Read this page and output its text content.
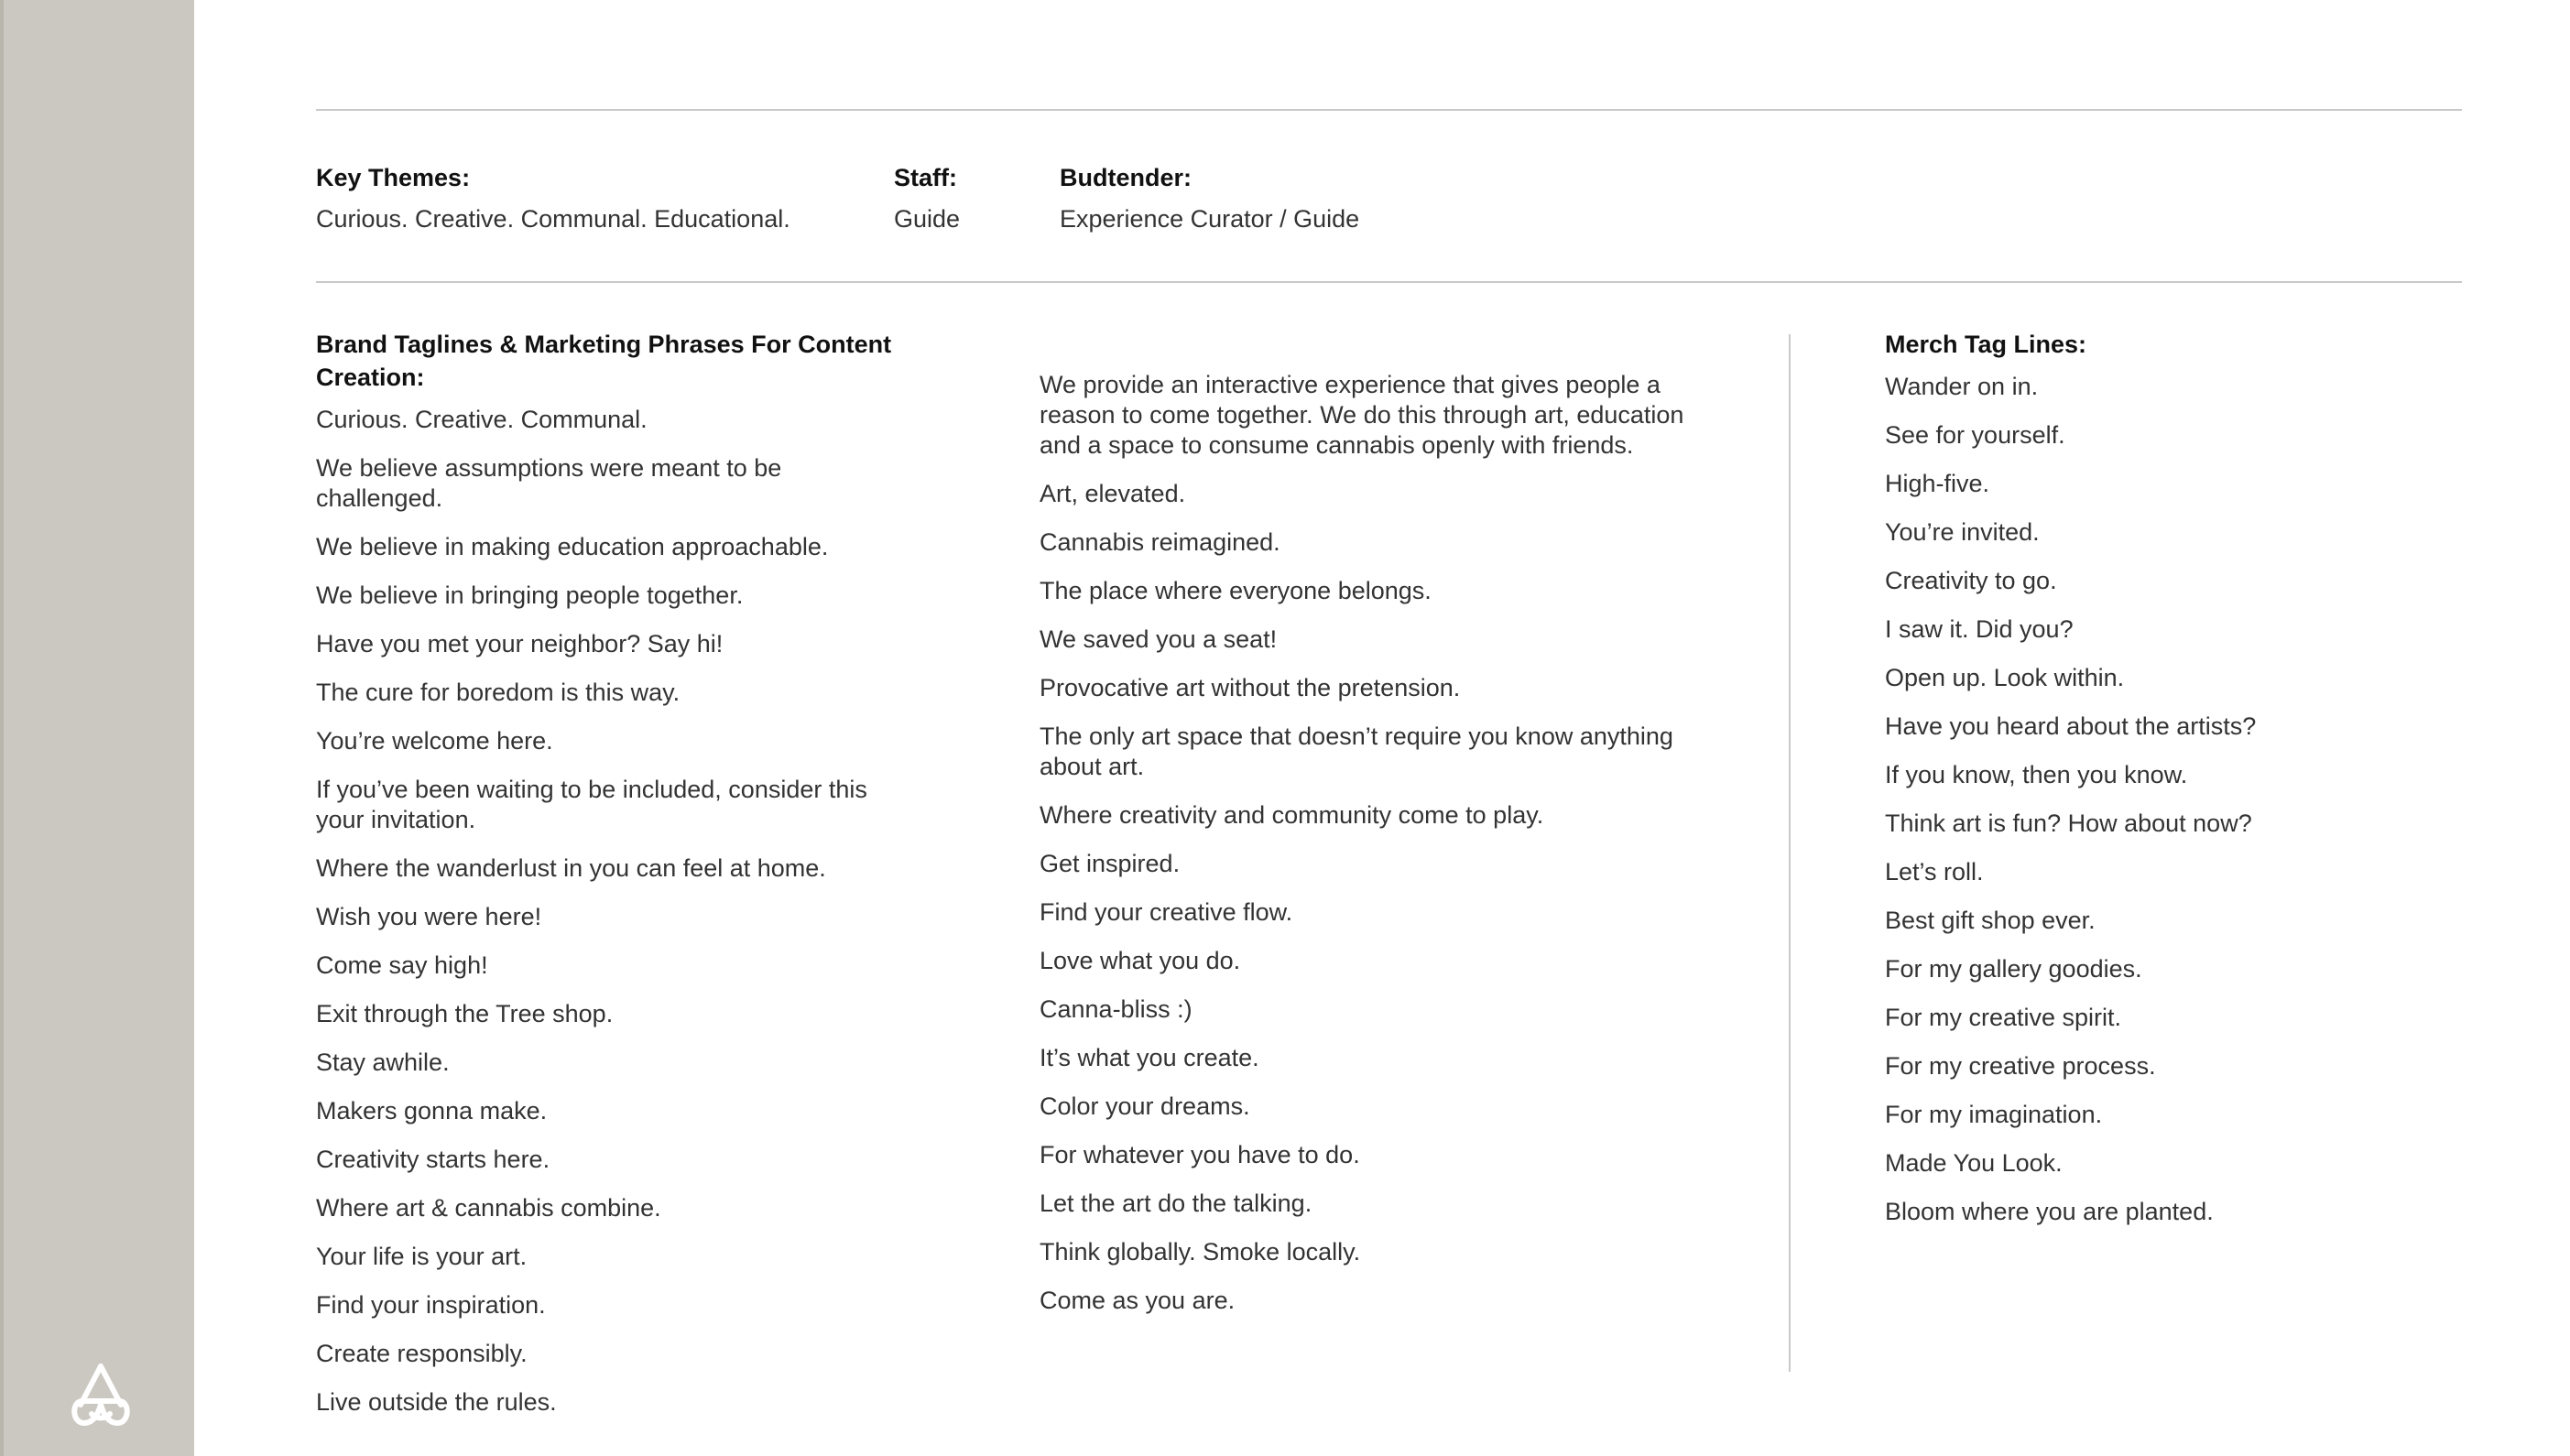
Key Themes:
Curious. Creative. Communal. Educational.
Staff:
Guide
Budtender:
Experience Curator / Guide
Brand Taglines & Marketing Phrases For Content Creation:
Curious. Creative. Communal.
We believe assumptions were meant to be challenged.
We believe in making education approachable.
We believe in bringing people together.
Have you met your neighbor? Say hi!
The cure for boredom is this way.
You’re welcome here.
If you’ve been waiting to be included, consider this your invitation.
Where the wanderlust in you can feel at home.
Wish you were here!
Come say high!
Exit through the Tree shop.
Stay awhile.
Makers gonna make.
Creativity starts here.
Where art & cannabis combine.
Your life is your art.
Find your inspiration.
Create responsibly.
Live outside the rules.
We provide an interactive experience that gives people a reason to come together. We do this through art, education and a space to consume cannabis openly with friends.
Art, elevated.
Cannabis reimagined.
The place where everyone belongs.
We saved you a seat!
Provocative art without the pretension.
The only art space that doesn’t require you know anything about art.
Where creativity and community come to play.
Get inspired.
Find your creative flow.
Love what you do.
Canna-bliss :)
It’s what you create.
Color your dreams.
For whatever you have to do.
Let the art do the talking.
Think globally. Smoke locally.
Come as you are.
Merch Tag Lines:
Wander on in.
See for yourself.
High-five.
You’re invited.
Creativity to go.
I saw it. Did you?
Open up. Look within.
Have you heard about the artists?
If you know, then you know.
Think art is fun? How about now?
Let’s roll.
Best gift shop ever.
For my gallery goodies.
For my creative spirit.
For my creative process.
For my imagination.
Made You Look.
Bloom where you are planted.
